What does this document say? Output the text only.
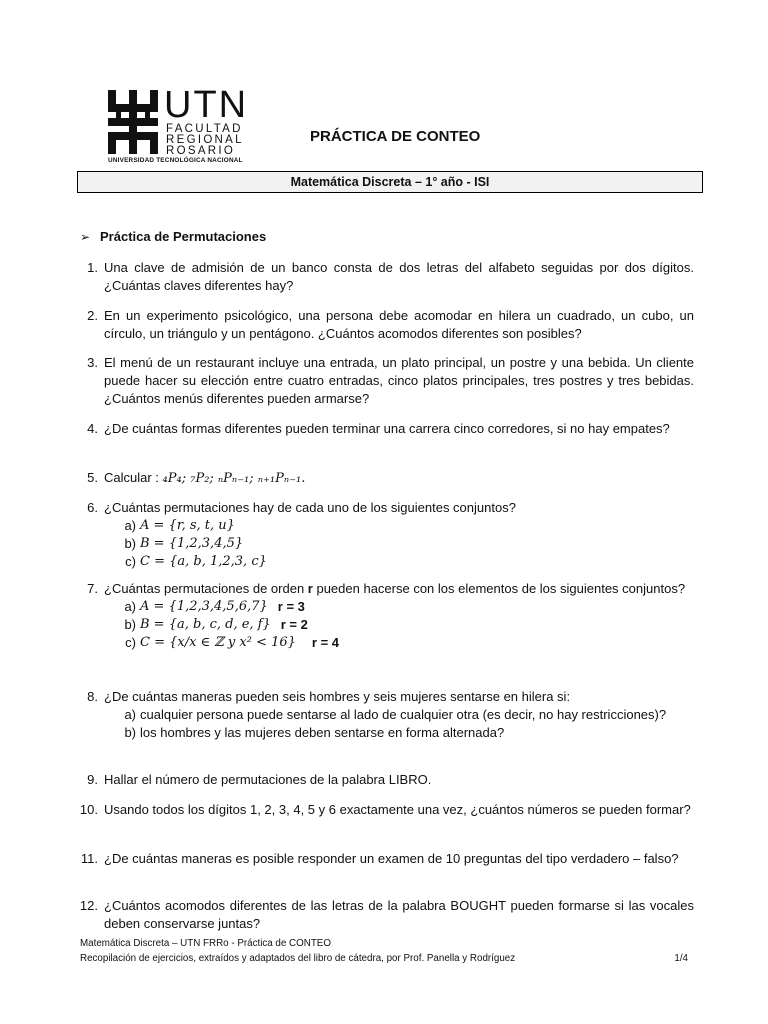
UTN
FACULTAD
REGIONAL
ROSARIO
UNIVERSIDAD TECNOLÓGICA NACIONAL
PRÁCTICA DE CONTEO
Matemática Discreta – 1° año - ISI
➢ Práctica de Permutaciones
1. Una clave de admisión de un banco consta de dos letras del alfabeto seguidas por dos dígitos. ¿Cuántas claves diferentes hay?

2. En un experimento psicológico, una persona debe acomodar en hilera un cuadrado, un cubo, un círculo, un triángulo y un pentágono. ¿Cuántos acomodos diferentes son posibles?

3. El menú de un restaurant incluye una entrada, un plato principal, un postre y una bebida. Un cliente puede hacer su elección entre cuatro entradas, cinco platos principales, tres postres y tres bebidas. ¿Cuántos menús diferentes pueden armarse?

4. ¿De cuántas formas diferentes pueden terminar una carrera cinco corredores, si no hay empates?

5. Calcular : ₄P₄; ₇P₂; ₙPₙ₋₁; ₙ₊₁Pₙ₋₁.

6. ¿Cuántas permutaciones hay de cada uno de los siguientes conjuntos?

a) A = {r, s, t, u}
b) B = {1,2,3,4,5}
c) C = {a, b, 1,2,3, c}
7. ¿Cuántas permutaciones de orden r pueden hacerse con los elementos de los siguientes conjuntos?

a) A = {1,2,3,4,5,6,7} r = 3
b) B = {a, b, c, d, e, f} r = 2
c) C = {x/x ∈ ℤ y x² < 16} r = 4
8. ¿De cuántas maneras pueden seis hombres y seis mujeres sentarse en hilera si:

a) cualquier persona puede sentarse al lado de cualquier otra (es decir, no hay restricciones)?
b) los hombres y las mujeres deben sentarse en forma alternada?
9. Hallar el número de permutaciones de la palabra LIBRO.

10. Usando todos los dígitos 1, 2, 3, 4, 5 y 6 exactamente una vez, ¿cuántos números se pueden formar?

11. ¿De cuántas maneras es posible responder un examen de 10 preguntas del tipo verdadero – falso?

12. ¿Cuántos acomodos diferentes de las letras de la palabra BOUGHT pueden formarse si las vocales deben conservarse juntas?

Matemática Discreta – UTN FRRo - Práctica de CONTEO
Recopilación de ejercicios, extraídos y adaptados del libro de cátedra, por Prof. Panella y Rodríguez	1/4
